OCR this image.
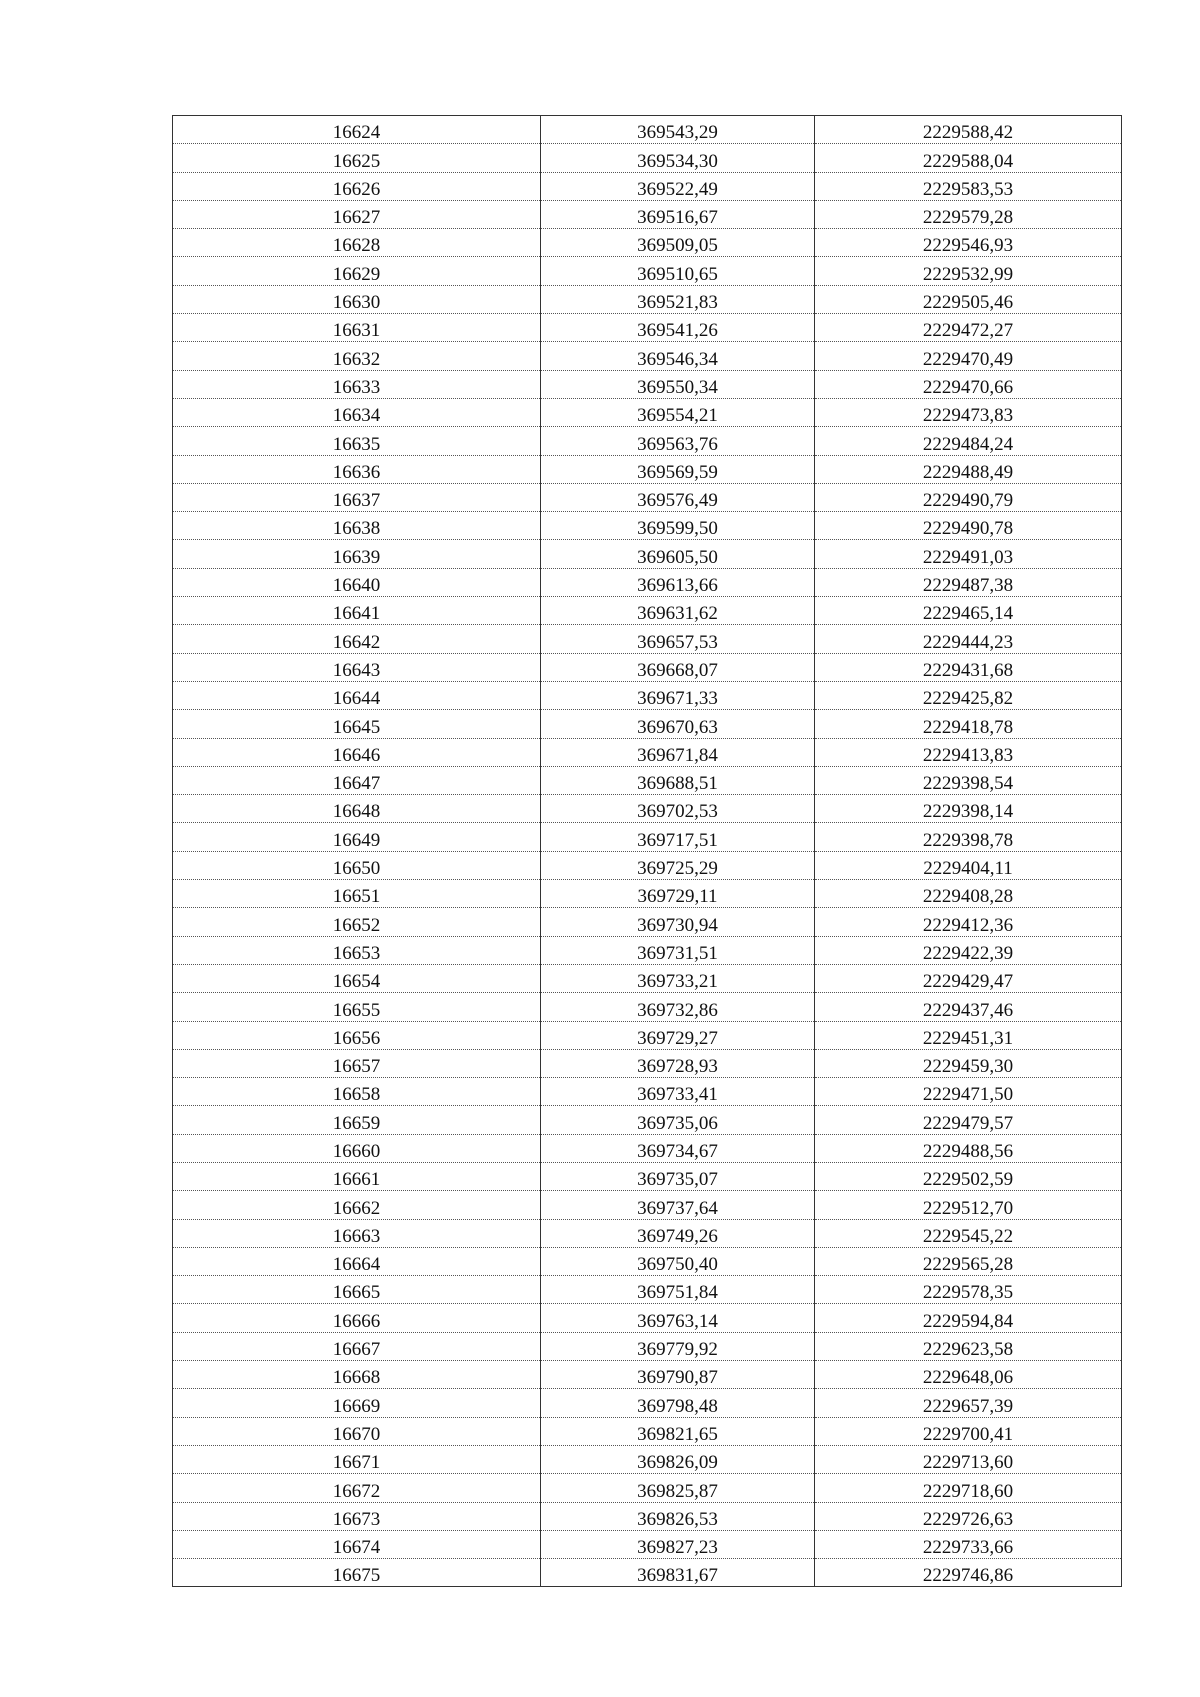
16624	369543,29	2229588,42
16625	369534,30	2229588,04
16626	369522,49	2229583,53
16627	369516,67	2229579,28
16628	369509,05	2229546,93
16629	369510,65	2229532,99
16630	369521,83	2229505,46
16631	369541,26	2229472,27
16632	369546,34	2229470,49
16633	369550,34	2229470,66
16634	369554,21	2229473,83
16635	369563,76	2229484,24
16636	369569,59	2229488,49
16637	369576,49	2229490,79
16638	369599,50	2229490,78
16639	369605,50	2229491,03
16640	369613,66	2229487,38
16641	369631,62	2229465,14
16642	369657,53	2229444,23
16643	369668,07	2229431,68
16644	369671,33	2229425,82
16645	369670,63	2229418,78
16646	369671,84	2229413,83
16647	369688,51	2229398,54
16648	369702,53	2229398,14
16649	369717,51	2229398,78
16650	369725,29	2229404,11
16651	369729,11	2229408,28
16652	369730,94	2229412,36
16653	369731,51	2229422,39
16654	369733,21	2229429,47
16655	369732,86	2229437,46
16656	369729,27	2229451,31
16657	369728,93	2229459,30
16658	369733,41	2229471,50
16659	369735,06	2229479,57
16660	369734,67	2229488,56
16661	369735,07	2229502,59
16662	369737,64	2229512,70
16663	369749,26	2229545,22
16664	369750,40	2229565,28
16665	369751,84	2229578,35
16666	369763,14	2229594,84
16667	369779,92	2229623,58
16668	369790,87	2229648,06
16669	369798,48	2229657,39
16670	369821,65	2229700,41
16671	369826,09	2229713,60
16672	369825,87	2229718,60
16673	369826,53	2229726,63
16674	369827,23	2229733,66
16675	369831,67	2229746,86
